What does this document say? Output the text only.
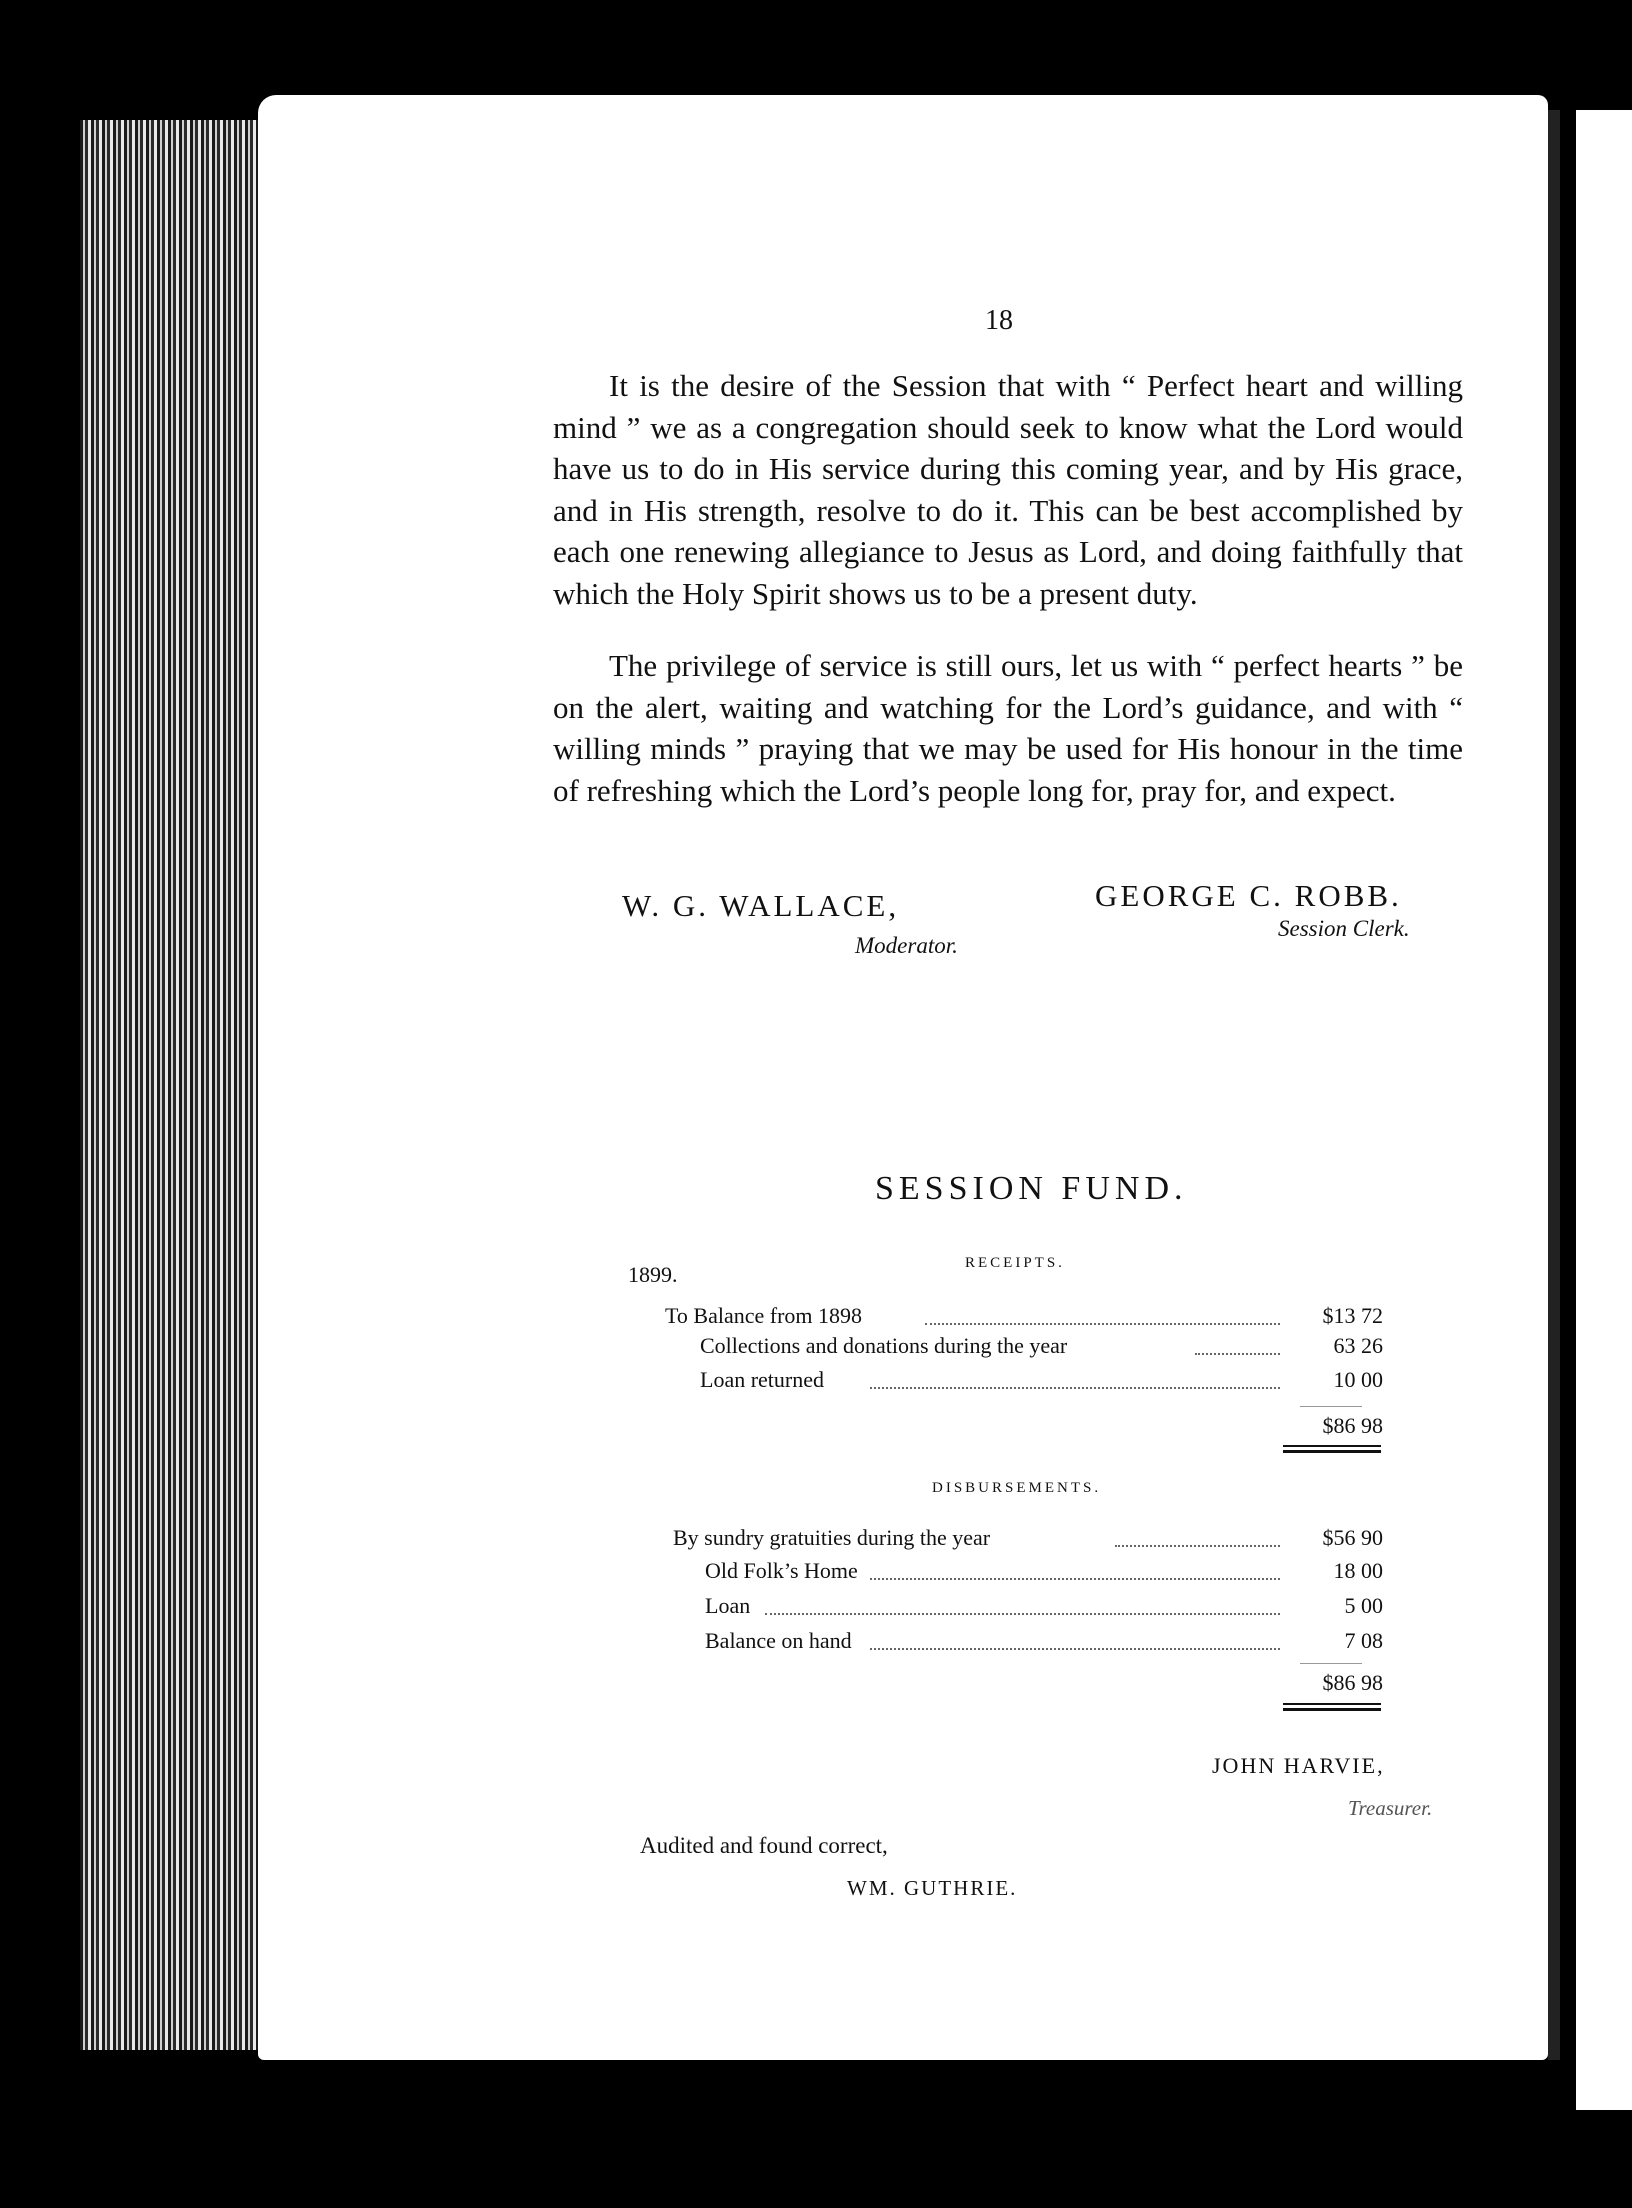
18

It is the desire of the Session that with “ Perfect heart and willing mind ” we as a congregation should seek to know what the Lord would have us to do in His service during this coming year, and by His grace, and in His strength, resolve to do it. This can be best accomplished by each one renewing allegiance to Jesus as Lord, and doing faithfully that which the Holy Spirit shows us to be a present duty.

The privilege of service is still ours, let us with “ perfect hearts ” be on the alert, waiting and watching for the Lord’s guidance, and with “ willing minds ” praying that we may be used for His honour in the time of refreshing which the Lord’s people long for, pray for, and expect.

W. G. WALLACE,
Moderator.
GEORGE C. ROBB.
Session Clerk.
SESSION FUND.
1899.	RECEIPTS.
To Balance from 1898	$13 72
Collections and donations during the year	63 26
Loan returned	10 00
$86 98
DISBURSEMENTS.
By sundry gratuities during the year	$56 90
Old Folk’s Home	18 00
Loan	5 00
Balance on hand	7 08
$86 98
JOHN HARVIE,
Treasurer.
Audited and found correct,
WM. GUTHRIE.
